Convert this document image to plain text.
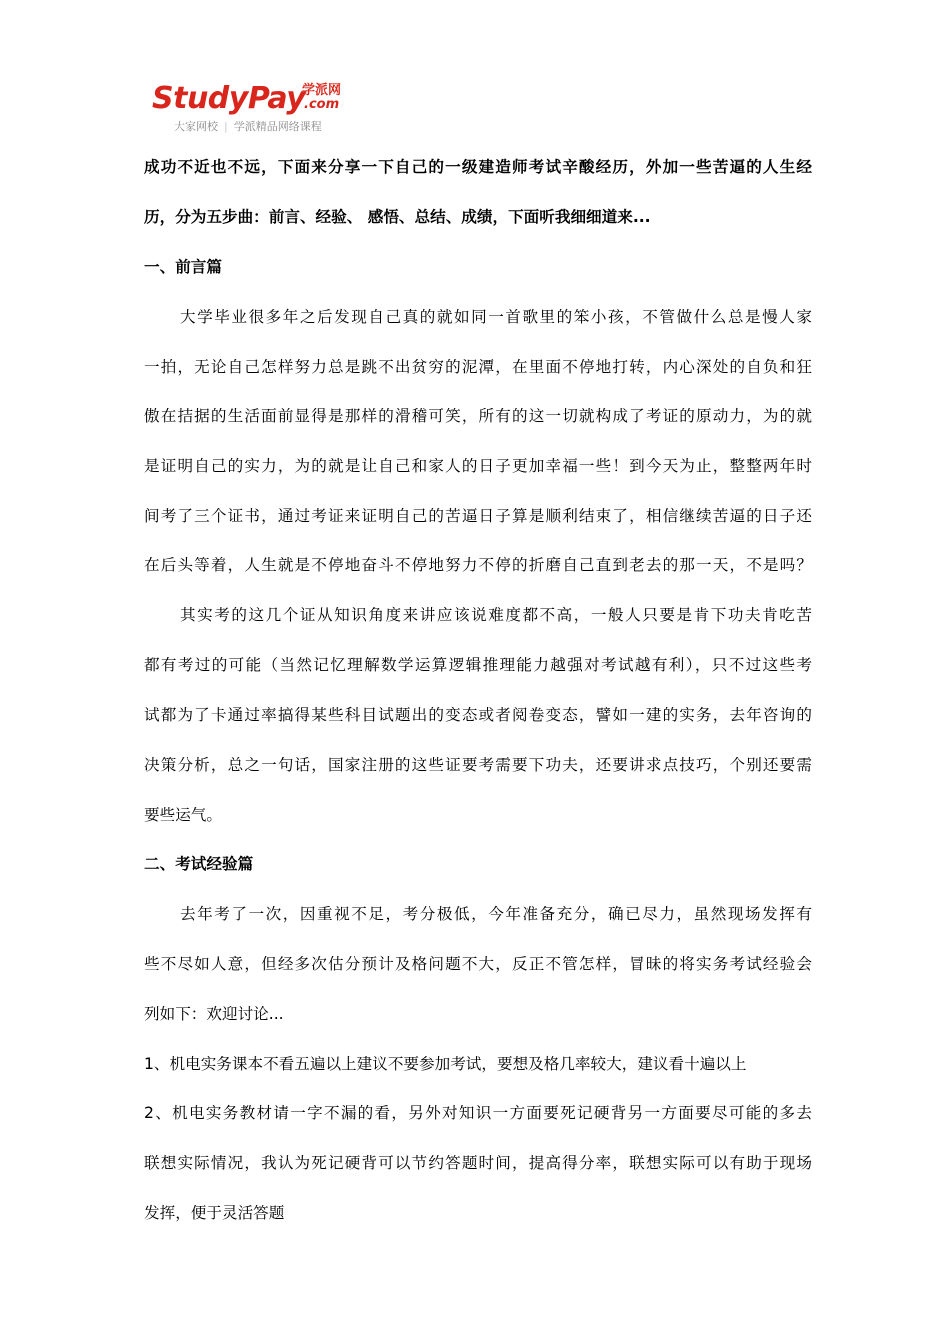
StudyPay
学派网
.com
大家网校 | 学派精品网络课程
成功不近也不远，下面来分享一下自己的一级建造师考试辛酸经历，外加一些苦逼的人生经
历，分为五步曲：前言、经验、 感悟、总结、成绩，下面听我细细道来...
一、前言篇
大学毕业很多年之后发现自己真的就如同一首歌里的笨小孩，不管做什么总是慢人家
一拍，无论自己怎样努力总是跳不出贫穷的泥潭，在里面不停地打转，内心深处的自负和狂
傲在拮据的生活面前显得是那样的滑稽可笑，所有的这一切就构成了考证的原动力，为的就
是证明自己的实力，为的就是让自己和家人的日子更加幸福一些！到今天为止，整整两年时
间考了三个证书，通过考证来证明自己的苦逼日子算是顺利结束了，相信继续苦逼的日子还
在后头等着，人生就是不停地奋斗不停地努力不停的折磨自己直到老去的那一天，不是吗？
其实考的这几个证从知识角度来讲应该说难度都不高，一般人只要是肯下功夫肯吃苦
都有考过的可能（当然记忆理解数学运算逻辑推理能力越强对考试越有利），只不过这些考
试都为了卡通过率搞得某些科目试题出的变态或者阅卷变态，譬如一建的实务，去年咨询的
决策分析，总之一句话，国家注册的这些证要考需要下功夫，还要讲求点技巧，个别还要需
要些运气。
二、考试经验篇
去年考了一次，因重视不足，考分极低，今年准备充分，确已尽力，虽然现场发挥有
些不尽如人意，但经多次估分预计及格问题不大，反正不管怎样，冒昧的将实务考试经验会
列如下：欢迎讨论...
1、机电实务课本不看五遍以上建议不要参加考试，要想及格几率较大，建议看十遍以上
2、机电实务教材请一字不漏的看，另外对知识一方面要死记硬背另一方面要尽可能的多去
联想实际情况，我认为死记硬背可以节约答题时间，提高得分率，联想实际可以有助于现场
发挥，便于灵活答题
